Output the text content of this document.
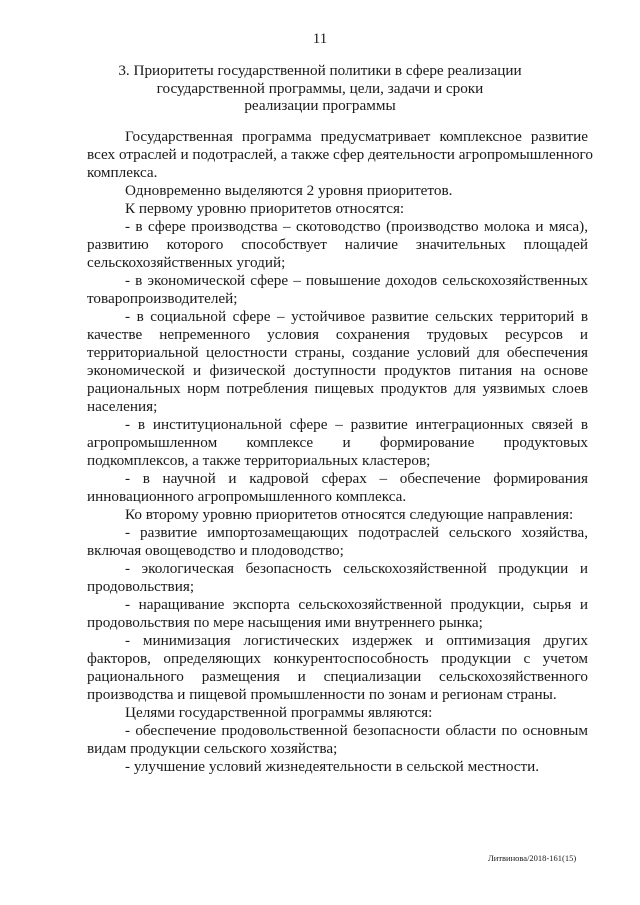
11
3. Приоритеты государственной политики в сфере реализации
государственной программы, цели, задачи и сроки
реализации программы
Государственная программа предусматривает комплексное развитие
всех отраслей и подотраслей, а также сфер деятельности агропромышленного
комплекса.
Одновременно выделяются 2 уровня приоритетов.
К первому уровню приоритетов относятся:
- в сфере производства – скотоводство (производство молока и мяса),
развитию которого способствует наличие значительных площадей
сельскохозяйственных угодий;
- в экономической сфере – повышение доходов сельскохозяйственных
товаропроизводителей;
- в социальной сфере – устойчивое развитие сельских территорий в
качестве непременного условия сохранения трудовых ресурсов и
территориальной целостности страны, создание условий для обеспечения
экономической и физической доступности продуктов питания на основе
рациональных норм потребления пищевых продуктов для уязвимых слоев
населения;
- в институциональной сфере – развитие интеграционных связей в
агропромышленном комплексе и формирование продуктовых
подкомплексов, а также территориальных кластеров;
- в научной и кадровой сферах – обеспечение формирования
инновационного агропромышленного комплекса.
Ко второму уровню приоритетов относятся следующие направления:
- развитие импортозамещающих подотраслей сельского хозяйства,
включая овощеводство и плодоводство;
- экологическая безопасность сельскохозяйственной продукции и
продовольствия;
- наращивание экспорта сельскохозяйственной продукции, сырья и
продовольствия по мере насыщения ими внутреннего рынка;
- минимизация логистических издержек и оптимизация других
факторов, определяющих конкурентоспособность продукции с учетом
рационального размещения и специализации сельскохозяйственного
производства и пищевой промышленности по зонам и регионам страны.
Целями государственной программы являются:
- обеспечение продовольственной безопасности области по основным
видам продукции сельского хозяйства;
- улучшение условий жизнедеятельности в сельской местности.
Литвинова/2018-161(15)
